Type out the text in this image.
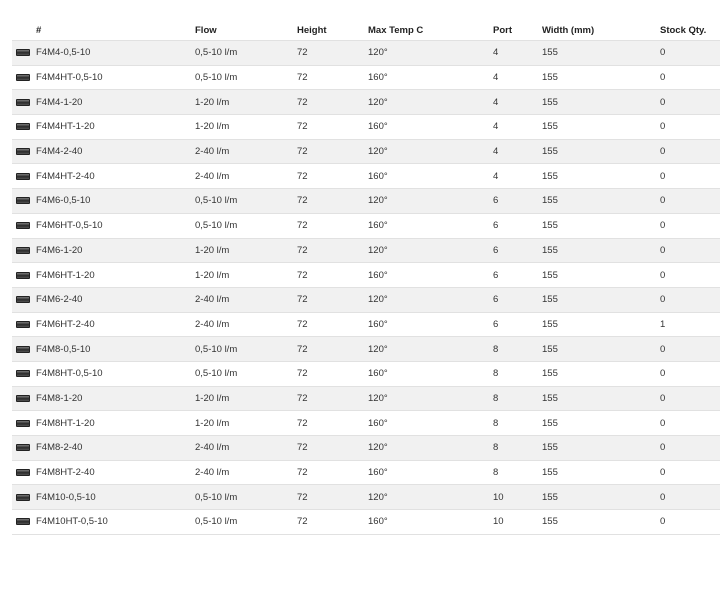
	#	Flow	Height	Max Temp C	Port	Width (mm)	Stock Qty.

	F4M4-0,5-10	0,5-10 l/m	72	120°	4	155	0

	F4M4HT-0,5-10	0,5-10 l/m	72	160°	4	155	0

	F4M4-1-20	1-20 l/m	72	120°	4	155	0

	F4M4HT-1-20	1-20 l/m	72	160°	4	155	0

	F4M4-2-40	2-40 l/m	72	120°	4	155	0

	F4M4HT-2-40	2-40 l/m	72	160°	4	155	0

	F4M6-0,5-10	0,5-10 l/m	72	120°	6	155	0

	F4M6HT-0,5-10	0,5-10 l/m	72	160°	6	155	0

	F4M6-1-20	1-20 l/m	72	120°	6	155	0

	F4M6HT-1-20	1-20 l/m	72	160°	6	155	0

	F4M6-2-40	2-40 l/m	72	120°	6	155	0

	F4M6HT-2-40	2-40 l/m	72	160°	6	155	1

	F4M8-0,5-10	0,5-10 l/m	72	120°	8	155	0

	F4M8HT-0,5-10	0,5-10 l/m	72	160°	8	155	0

	F4M8-1-20	1-20 l/m	72	120°	8	155	0

	F4M8HT-1-20	1-20 l/m	72	160°	8	155	0

	F4M8-2-40	2-40 l/m	72	120°	8	155	0

	F4M8HT-2-40	2-40 l/m	72	160°	8	155	0

	F4M10-0,5-10	0,5-10 l/m	72	120°	10	155	0

	F4M10HT-0,5-10	0,5-10 l/m	72	160°	10	155	0
